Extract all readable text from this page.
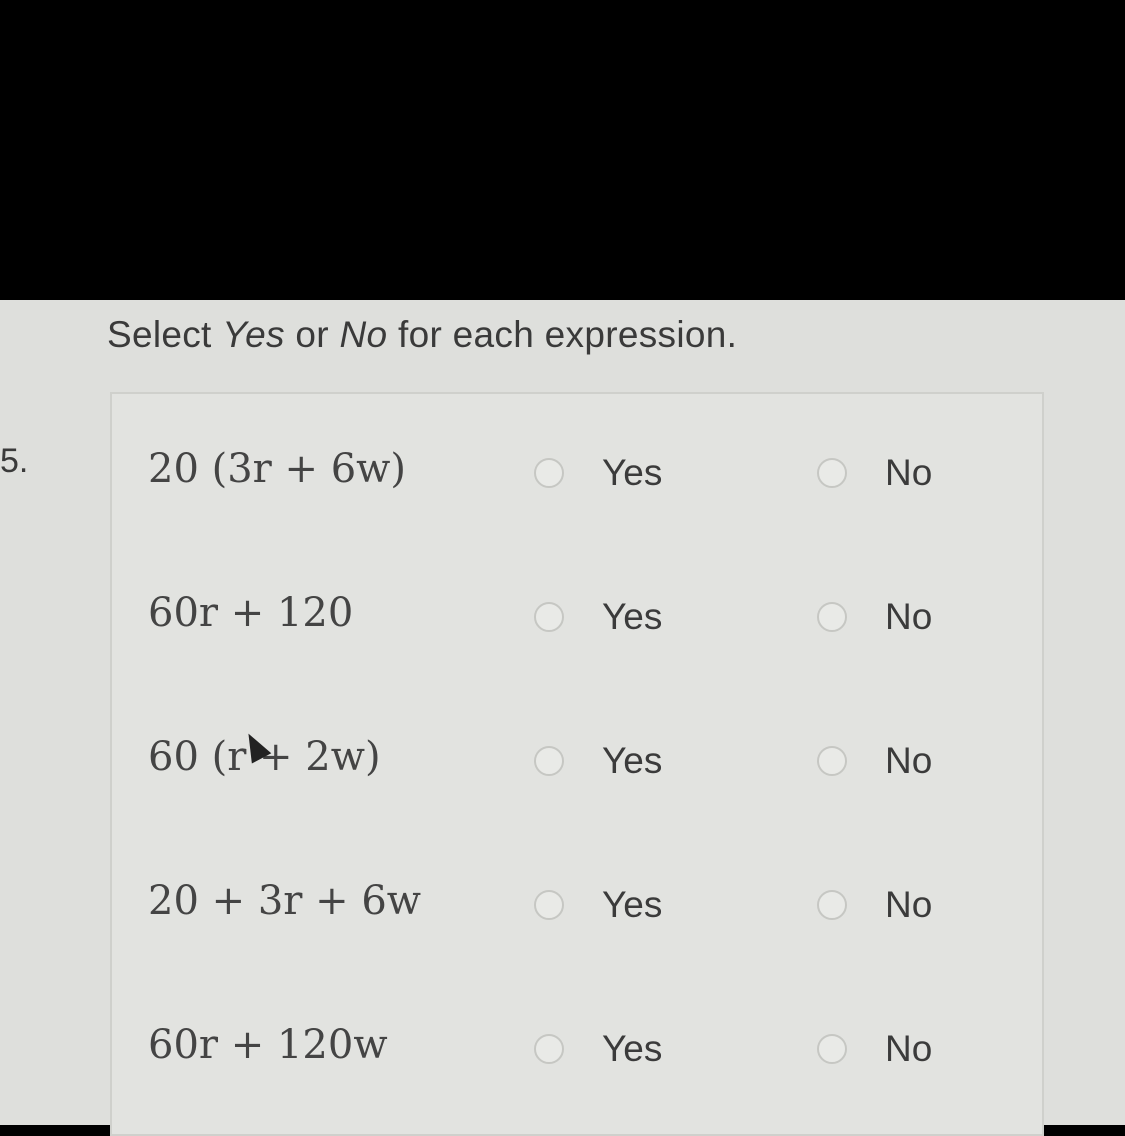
Select Yes or No for each expression.
5.	20 (3r + 6w)	Yes	No
60r + 120	Yes	No
60 (r + 2w)	Yes	No
20 + 3r + 6w	Yes	No
60r + 120w	Yes	No
